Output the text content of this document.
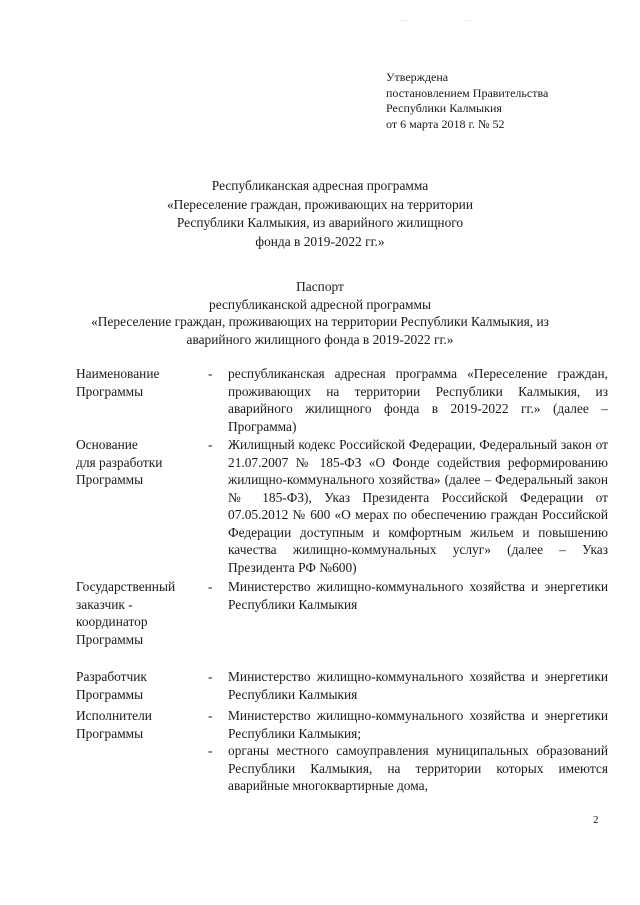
...	...
Утверждена
постановлением Правительства
Республики Калмыкия
от 6 марта 2018 г. № 52
Республиканская адресная программа
«Переселение граждан, проживающих на территории
Республики Калмыкия, из аварийного жилищного
фонда в 2019-2022 гг.»
Паспорт
республиканской адресной программы
«Переселение граждан, проживающих на территории Республики Калмыкия, из
аварийного жилищного фонда в 2019-2022 гг.»
Наименование
Программы
-	республиканская адресная программа «Переселение граждан, проживающих на территории Республики Калмыкия, из аварийного жилищного фонда в 2019-2022 гг.» (далее – Программа)
Основание
для разработки
Программы
-	Жилищный кодекс Российской Федерации, Федеральный закон от 21.07.2007 № 185-ФЗ «О Фонде содействия реформированию жилищно-коммунального хозяйства» (далее – Федеральный закон № 185-ФЗ), Указ Президента Российской Федерации от 07.05.2012 № 600 «О мерах по обеспечению граждан Российской Федерации доступным и комфортным жильем и повышению качества жилищно-коммунальных услуг» (далее – Указ Президента РФ №600)
Государственный
заказчик -
координатор
Программы
-	Министерство жилищно-коммунального хозяйства и энергетики Республики Калмыкия
Разработчик
Программы
-	Министерство жилищно-коммунального хозяйства и энергетики Республики Калмыкия
Исполнители
Программы
-	Министерство жилищно-коммунального хозяйства и энергетики Республики Калмыкия;

- органы местного самоуправления муниципальных образований Республики Калмыкия, на территории которых имеются аварийные многоквартирные дома,
2
